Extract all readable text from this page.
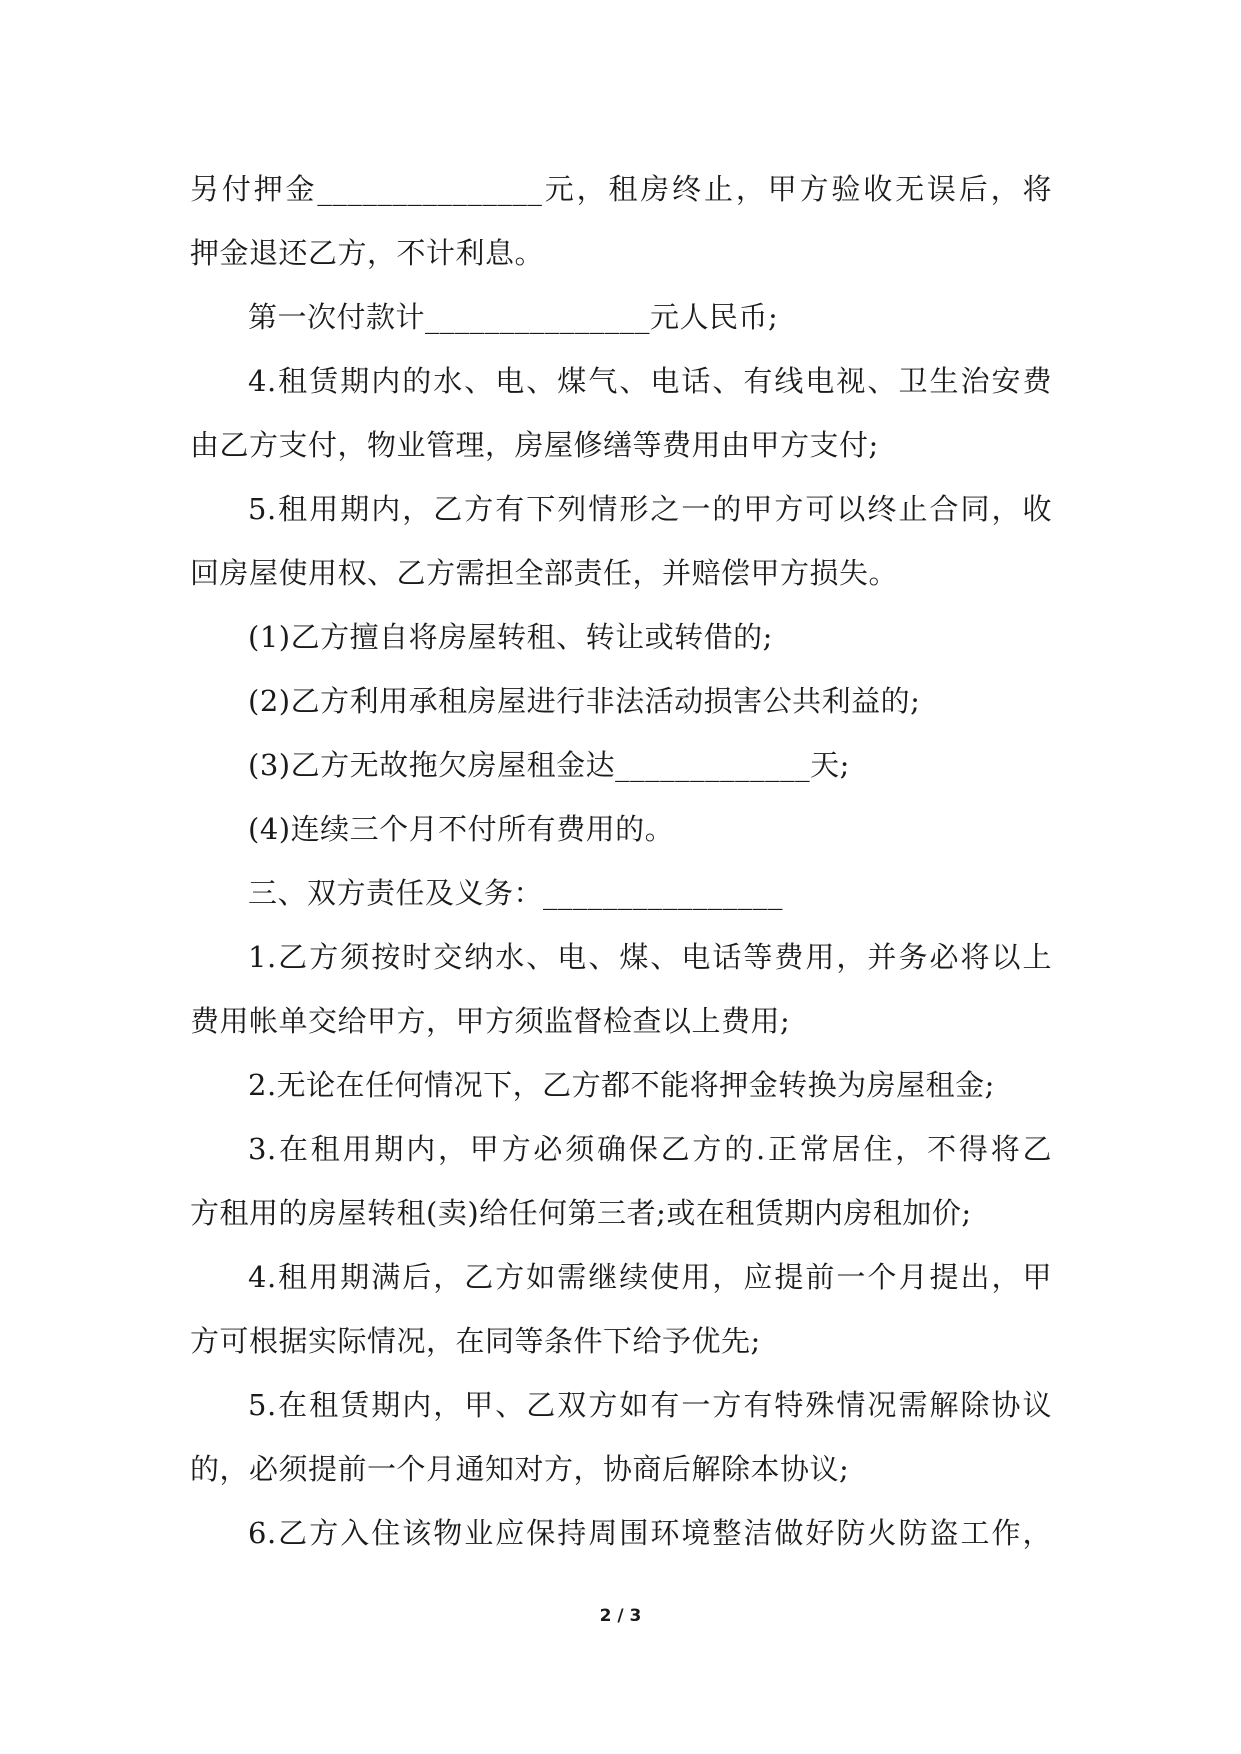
另付押金_______________元，租房终止，甲方验收无误后，将
押金退还乙方，不计利息。
第一次付款计_______________元人民币;
4.租赁期内的水、电、煤气、电话、有线电视、卫生治安费
由乙方支付，物业管理，房屋修缮等费用由甲方支付;
5.租用期内，乙方有下列情形之一的甲方可以终止合同，收
回房屋使用权、乙方需担全部责任，并赔偿甲方损失。
(1)乙方擅自将房屋转租、转让或转借的;
(2)乙方利用承租房屋进行非法活动损害公共利益的;
(3)乙方无故拖欠房屋租金达_____________天;
(4)连续三个月不付所有费用的。
三、双方责任及义务：________________
1.乙方须按时交纳水、电、煤、电话等费用，并务必将以上
费用帐单交给甲方，甲方须监督检查以上费用;
2.无论在任何情况下，乙方都不能将押金转换为房屋租金;
3.在租用期内，甲方必须确保乙方的.正常居住，不得将乙
方租用的房屋转租(卖)给任何第三者;或在租赁期内房租加价;
4.租用期满后，乙方如需继续使用，应提前一个月提出，甲
方可根据实际情况，在同等条件下给予优先;
5.在租赁期内，甲、乙双方如有一方有特殊情况需解除协议
的，必须提前一个月通知对方，协商后解除本协议;
6.乙方入住该物业应保持周围环境整洁做好防火防盗工作，
2 / 3
